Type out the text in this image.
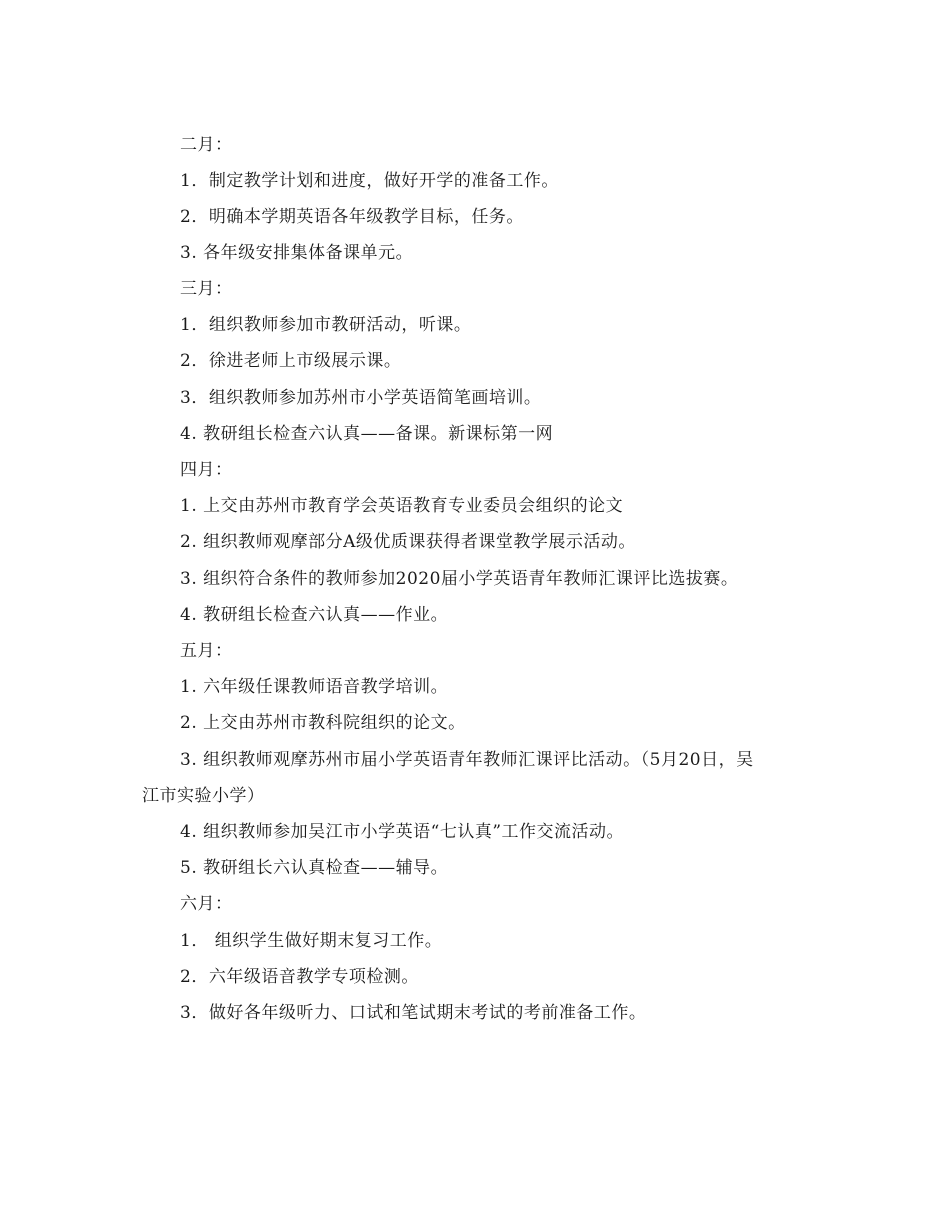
二月：
1．制定教学计划和进度，做好开学的准备工作。
2．明确本学期英语各年级教学目标，任务。
3. 各年级安排集体备课单元。
三月：
1．组织教师参加市教研活动，听课。
2．徐进老师上市级展示课。
3．组织教师参加苏州市小学英语简笔画培训。
4. 教研组长检查六认真——备课。新课标第一网
四月：
1. 上交由苏州市教育学会英语教育专业委员会组织的论文
2. 组织教师观摩部分A级优质课获得者课堂教学展示活动。
3. 组织符合条件的教师参加2020届小学英语青年教师汇课评比选拔赛。
4. 教研组长检查六认真——作业。
五月：
1. 六年级任课教师语音教学培训。
2. 上交由苏州市教科院组织的论文。
3. 组织教师观摩苏州市届小学英语青年教师汇课评比活动。（5月20日，吴
江市实验小学）
4. 组织教师参加吴江市小学英语“七认真”工作交流活动。
5. 教研组长六认真检查——辅导。
六月：
1． 组织学生做好期末复习工作。
2．六年级语音教学专项检测。
3．做好各年级听力、口试和笔试期末考试的考前准备工作。
